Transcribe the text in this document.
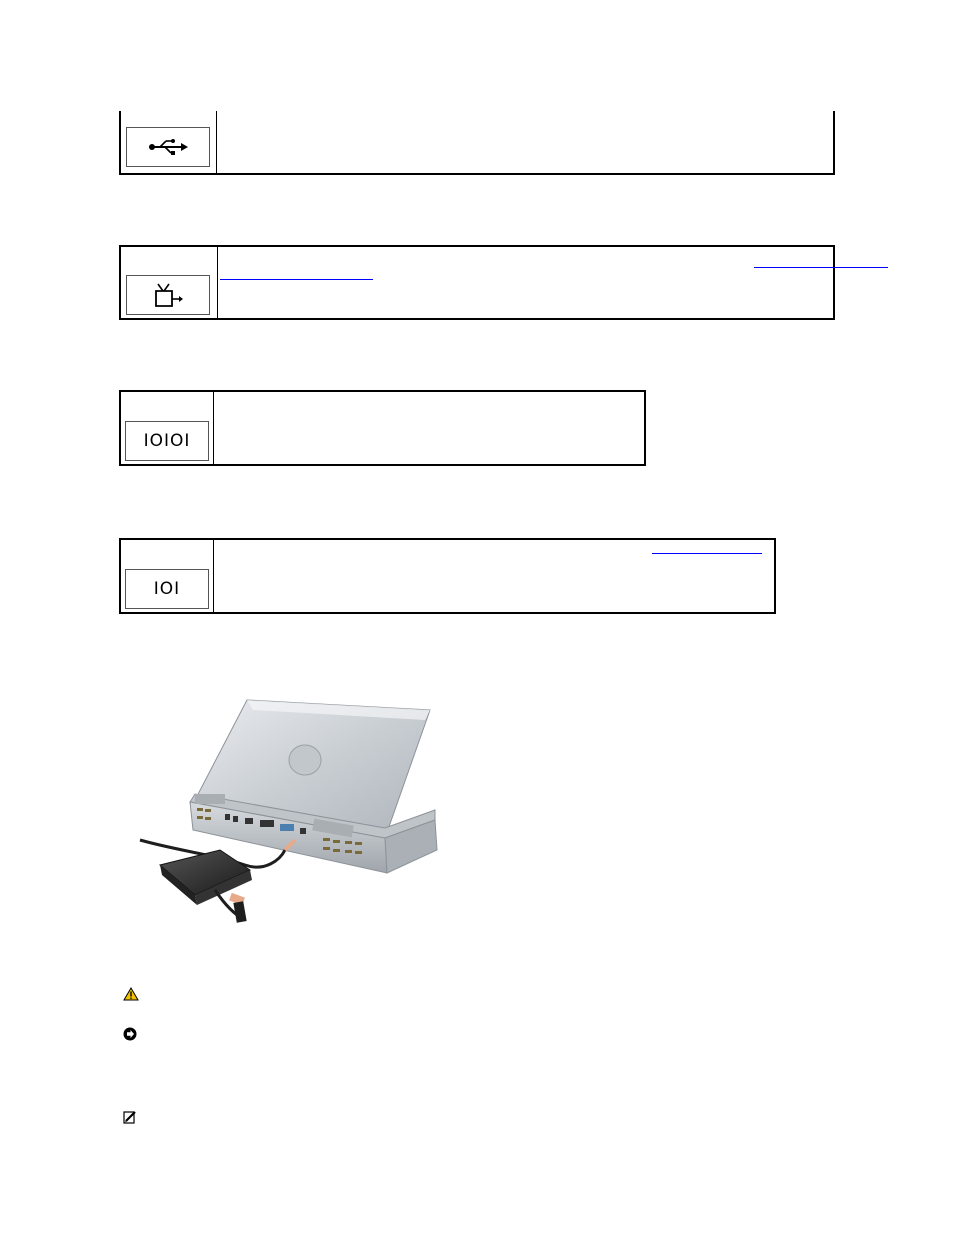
IOIOI
IOI
